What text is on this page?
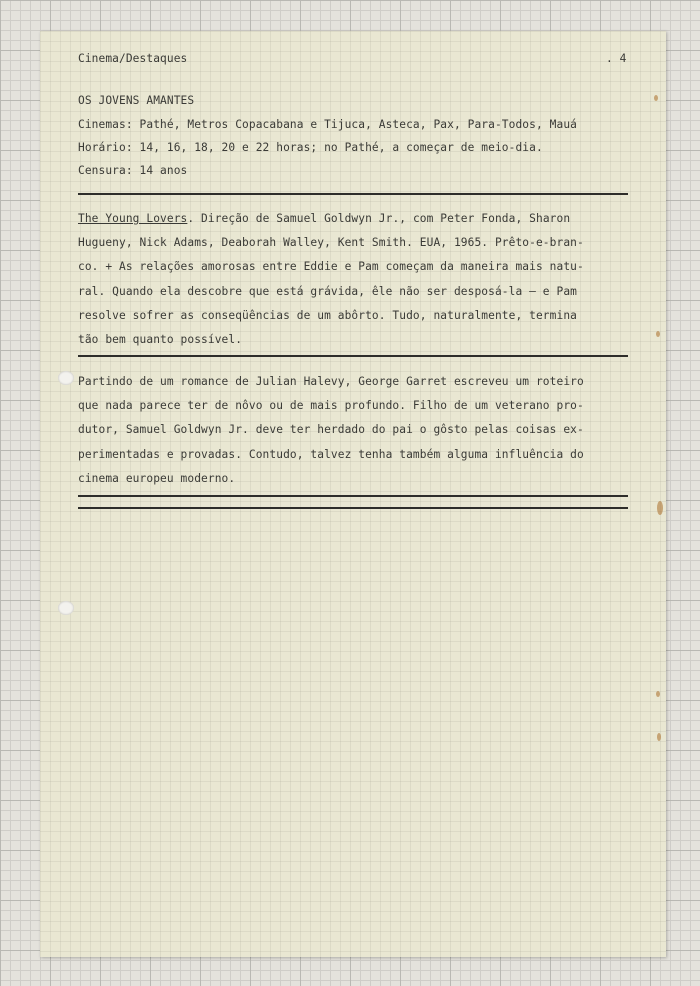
Cinema/Destaques	. 4
OS JOVENS AMANTES
Cinemas: Pathé, Metros Copacabana e Tijuca, Asteca, Pax, Para-Todos, Mauá
Horário: 14, 16, 18, 20 e 22 horas; no Pathé, a começar de meio-dia.
Censura: 14 anos
The Young Lovers. Direção de Samuel Goldwyn Jr., com Peter Fonda, Sharon
Hugueny, Nick Adams, Deaborah Walley, Kent Smith. EUA, 1965. Prêto-e-bran-
co. + As relações amorosas entre Eddie e Pam começam da maneira mais natu-
ral. Quando ela descobre que está grávida, êle não ser desposá-la — e Pam
resolve sofrer as conseqüências de um abôrto. Tudo, naturalmente, termina
tão bem quanto possível.
Partindo de um romance de Julian Halevy, George Garret escreveu um roteiro
que nada parece ter de nôvo ou de mais profundo. Filho de um veterano pro-
dutor, Samuel Goldwyn Jr. deve ter herdado do pai o gôsto pelas coisas ex-
perimentadas e provadas. Contudo, talvez tenha também alguma influência do
cinema europeu moderno.
